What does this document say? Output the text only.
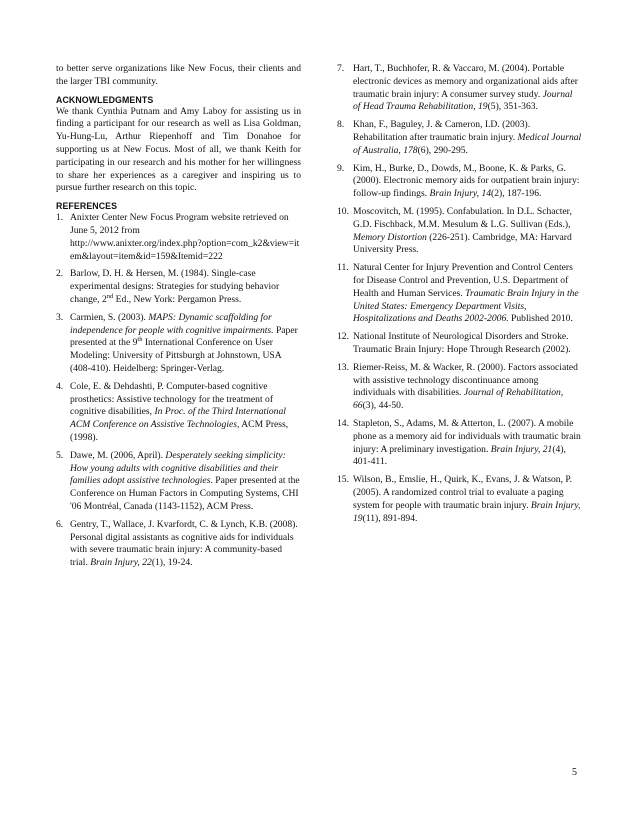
to better serve organizations like New Focus, their clients and the larger TBI community.

ACKNOWLEDGMENTS

We thank Cynthia Putnam and Amy Laboy for assisting us in finding a participant for our research as well as Lisa Goldman, Yu-Hung-Lu, Arthur Riepenhoff and Tim Donahoe for supporting us at New Focus. Most of all, we thank Keith for participating in our research and his mother for her willingness to share her experiences as a caregiver and inspiring us to pursue further research on this topic.

REFERENCES

1. Anixter Center New Focus Program website retrieved on June 5, 2012 from
http://www.anixter.org/index.php?option=com_k2&view=item&layout=item&id=159&Itemid=222
2. Barlow, D. H. & Hersen, M. (1984). Single-case experimental designs: Strategies for studying behavior change, 2nd Ed., New York: Pergamon Press.
3. Carmien, S. (2003). MAPS: Dynamic scaffolding for independence for people with cognitive impairments. Paper presented at the 9th International Conference on User Modeling: University of Pittsburgh at Johnstown, USA (408-410). Heidelberg: Springer-Verlag.
4. Cole, E. & Dehdashti, P. Computer-based cognitive prosthetics: Assistive technology for the treatment of cognitive disabilities, In Proc. of the Third International ACM Conference on Assistive Technologies, ACM Press, (1998).
5. Dawe, M. (2006, April). Desperately seeking simplicity: How young adults with cognitive disabilities and their families adopt assistive technologies. Paper presented at the Conference on Human Factors in Computing Systems, CHI '06 Montréal, Canada (1143-1152), ACM Press.
6. Gentry, T., Wallace, J. Kvarfordt, C. & Lynch, K.B. (2008). Personal digital assistants as cognitive aids for individuals with severe traumatic brain injury: A community-based trial. Brain Injury, 22(1), 19-24.
7. Hart, T., Buchhofer, R. & Vaccaro, M. (2004). Portable electronic devices as memory and organizational aids after traumatic brain injury: A consumer survey study. Journal of Head Trauma Rehabilitation, 19(5), 351-363.
8. Khan, F., Baguley, J. & Cameron, I.D. (2003). Rehabilitation after traumatic brain injury. Medical Journal of Australia, 178(6), 290-295.
9. Kim, H., Burke, D., Dowds, M., Boone, K. & Parks, G. (2000). Electronic memory aids for outpatient brain injury: follow-up findings. Brain Injury, 14(2), 187-196.
10. Moscovitch, M. (1995). Confabulation. In D.L. Schacter, G.D. Fischback, M.M. Mesulum & L.G. Sullivan (Eds.), Memory Distortion (226-251). Cambridge, MA: Harvard University Press.
11. Natural Center for Injury Prevention and Control Centers for Disease Control and Prevention, U.S. Department of Health and Human Services. Traumatic Brain Injury in the United States: Emergency Department Visits, Hospitalizations and Deaths 2002-2006. Published 2010.
12. National Institute of Neurological Disorders and Stroke. Traumatic Brain Injury: Hope Through Research (2002).
13. Riemer-Reiss, M. & Wacker, R. (2000). Factors associated with assistive technology discontinuance among individuals with disabilities. Journal of Rehabilitation, 66(3), 44-50.
14. Stapleton, S., Adams, M. & Atterton, L. (2007). A mobile phone as a memory aid for individuals with traumatic brain injury: A preliminary investigation. Brain Injury, 21(4), 401-411.
15. Wilson, B., Emslie, H., Quirk, K., Evans, J. & Watson, P. (2005). A randomized control trial to evaluate a paging system for people with traumatic brain injury. Brain Injury, 19(11), 891-894.
5
